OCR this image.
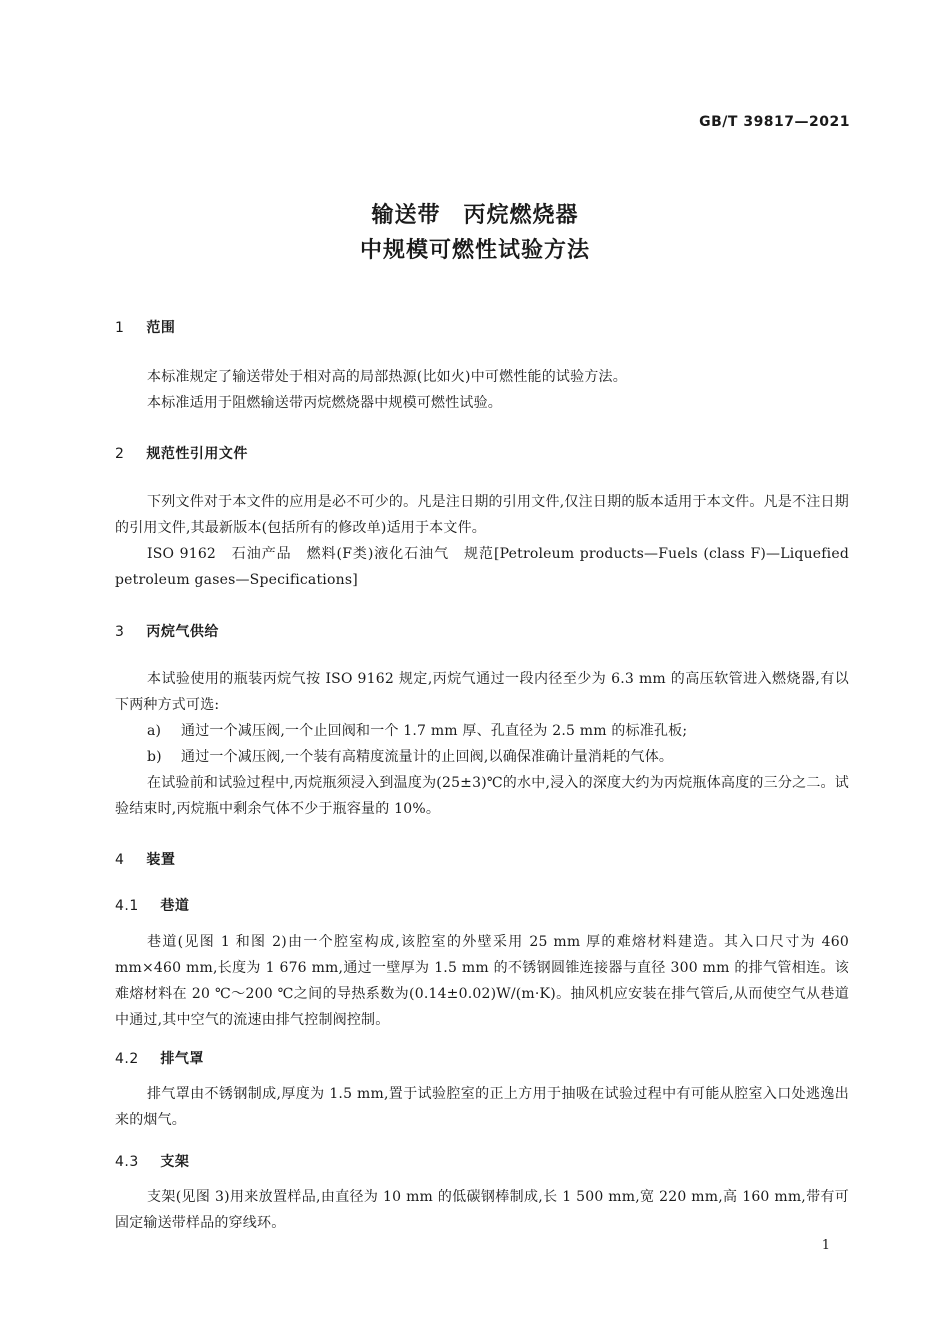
GB/T 39817—2021
输送带　丙烷燃烧器
中规模可燃性试验方法
1 范围
本标准规定了输送带处于相对高的局部热源(比如火)中可燃性能的试验方法。
本标准适用于阻燃输送带丙烷燃烧器中规模可燃性试验。
2 规范性引用文件
下列文件对于本文件的应用是必不可少的。凡是注日期的引用文件,仅注日期的版本适用于本文件。凡是不注日期的引用文件,其最新版本(包括所有的修改单)适用于本文件。
ISO 9162　石油产品　燃料(F类)液化石油气　规范[Petroleum products—Fuels (class F)—Liquefied petroleum gases—Specifications]
3 丙烷气供给
本试验使用的瓶装丙烷气按 ISO 9162 规定,丙烷气通过一段内径至少为 6.3 mm 的高压软管进入燃烧器,有以下两种方式可选:
a) 通过一个减压阀,一个止回阀和一个 1.7 mm 厚、孔直径为 2.5 mm 的标准孔板;
b) 通过一个减压阀,一个装有高精度流量计的止回阀,以确保准确计量消耗的气体。
在试验前和试验过程中,丙烷瓶须浸入到温度为(25±3)℃的水中,浸入的深度大约为丙烷瓶体高度的三分之二。试验结束时,丙烷瓶中剩余气体不少于瓶容量的 10%。
4 装置
4.1 巷道
巷道(见图 1 和图 2)由一个腔室构成,该腔室的外壁采用 25 mm 厚的难熔材料建造。其入口尺寸为 460 mm×460 mm,长度为 1 676 mm,通过一壁厚为 1.5 mm 的不锈钢圆锥连接器与直径 300 mm 的排气管相连。该难熔材料在 20 ℃～200 ℃之间的导热系数为(0.14±0.02)W/(m·K)。抽风机应安装在排气管后,从而使空气从巷道中通过,其中空气的流速由排气控制阀控制。
4.2 排气罩
排气罩由不锈钢制成,厚度为 1.5 mm,置于试验腔室的正上方用于抽吸在试验过程中有可能从腔室入口处逃逸出来的烟气。
4.3 支架
支架(见图 3)用来放置样品,由直径为 10 mm 的低碳钢棒制成,长 1 500 mm,宽 220 mm,高 160 mm,带有可固定输送带样品的穿线环。
1
